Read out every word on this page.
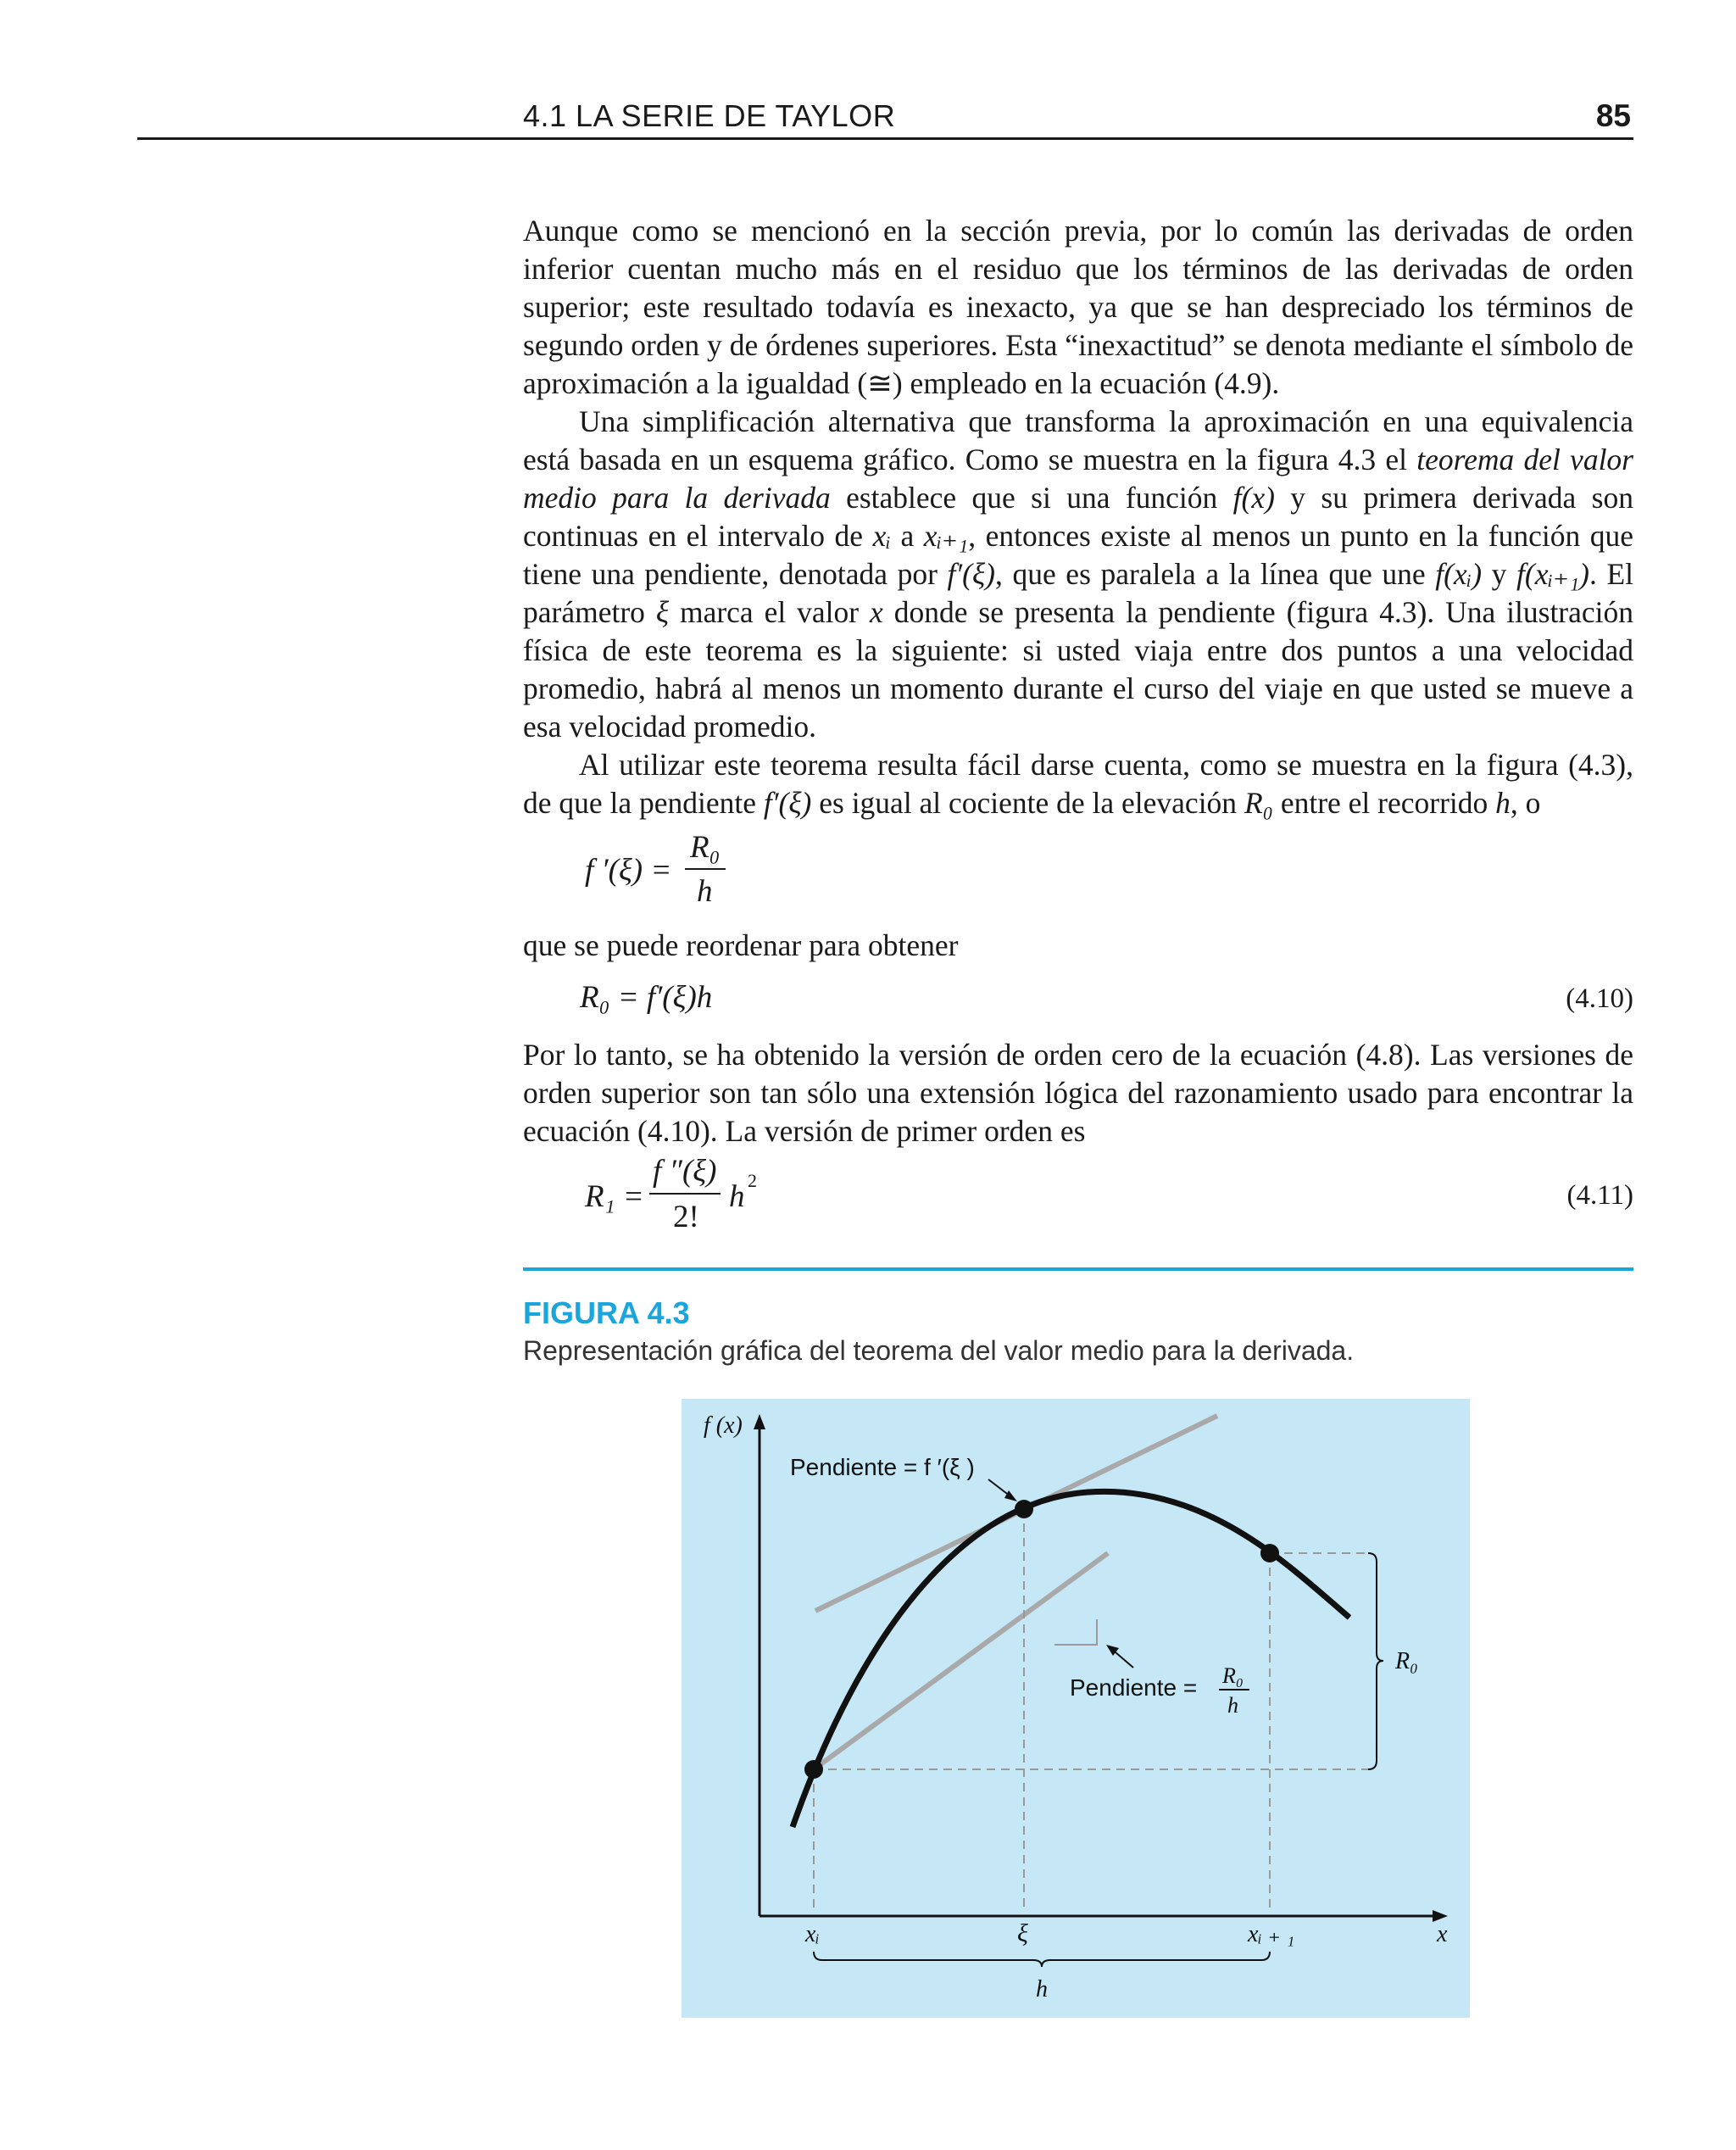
4.1 LA SERIE DE TAYLOR	85

Aunque como se mencionó en la sección previa, por lo común las derivadas de orden inferior cuentan mucho más en el residuo que los términos de las derivadas de orden superior; este resultado todavía es inexacto, ya que se han despreciado los términos de segundo orden y de órdenes superiores. Esta “inexactitud” se denota mediante el símbolo de aproximación a la igualdad (≅) empleado en la ecuación (4.9).

Una simplificación alternativa que transforma la aproximación en una equivalencia está basada en un esquema gráfico. Como se muestra en la figura 4.3 el teorema del valor medio para la derivada establece que si una función f(x) y su primera derivada son continuas en el intervalo de xᵢ a xᵢ₊₁, entonces existe al menos un punto en la función que tiene una pendiente, denotada por f′(ξ), que es paralela a la línea que une f(xᵢ) y f(xᵢ₊₁). El parámetro ξ marca el valor x donde se presenta la pendiente (figura 4.3). Una ilustración física de este teorema es la siguiente: si usted viaja entre dos puntos a una velocidad promedio, habrá al menos un momento durante el curso del viaje en que usted se mueve a esa velocidad promedio.

Al utilizar este teorema resulta fácil darse cuenta, como se muestra en la figura (4.3), de que la pendiente f′(ξ) es igual al cociente de la elevación R₀ entre el recorrido h, o

f ′(ξ) =
R₀
h

que se puede reordenar para obtener

R₀ = f′(ξ)h	(4.10)

Por lo tanto, se ha obtenido la versión de orden cero de la ecuación (4.8). Las versiones de orden superior son tan sólo una extensión lógica del razonamiento usado para encontrar la ecuación (4.10). La versión de primer orden es

R₁ =
f ″(ξ)
2!
h 2	(4.11)
FIGURA 4.3
Representación gráfica del teorema del valor medio para la derivada.
f (x)
x
Pendiente = f ′(ξ )
Pendiente = R₀
h
R₀
h
xᵢ	ξ	xᵢ ₊ ₁
